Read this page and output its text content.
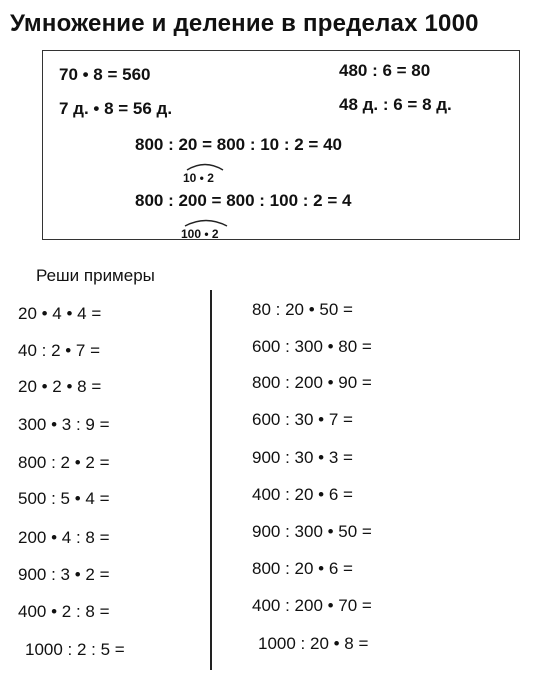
Умножение и деление в пределах 1000
70 • 8 = 560
7 д. • 8 = 56 д.
480 : 6 = 80
48 д. : 6 = 8 д.
800 : 20 = 800 : 10 : 2 = 40
10 • 2
800 : 200 = 800 : 100 : 2 = 4
100 • 2
Реши примеры
20 • 4 • 4 =
40 : 2 • 7 =
20 • 2 • 8 =
300 • 3 : 9 =
800 : 2 • 2 =
500 : 5 • 4 =
200 • 4 : 8 =
900 : 3 • 2 =
400 • 2 : 8 =
1000 : 2 : 5 =
80 : 20 • 50 =
600 : 300 • 80 =
800 : 200 • 90 =
600 : 30 • 7 =
900 : 30 • 3 =
400 : 20 • 6 =
900 : 300 • 50 =
800 : 20 • 6 =
400 : 200 • 70 =
1000 : 20 • 8 =
